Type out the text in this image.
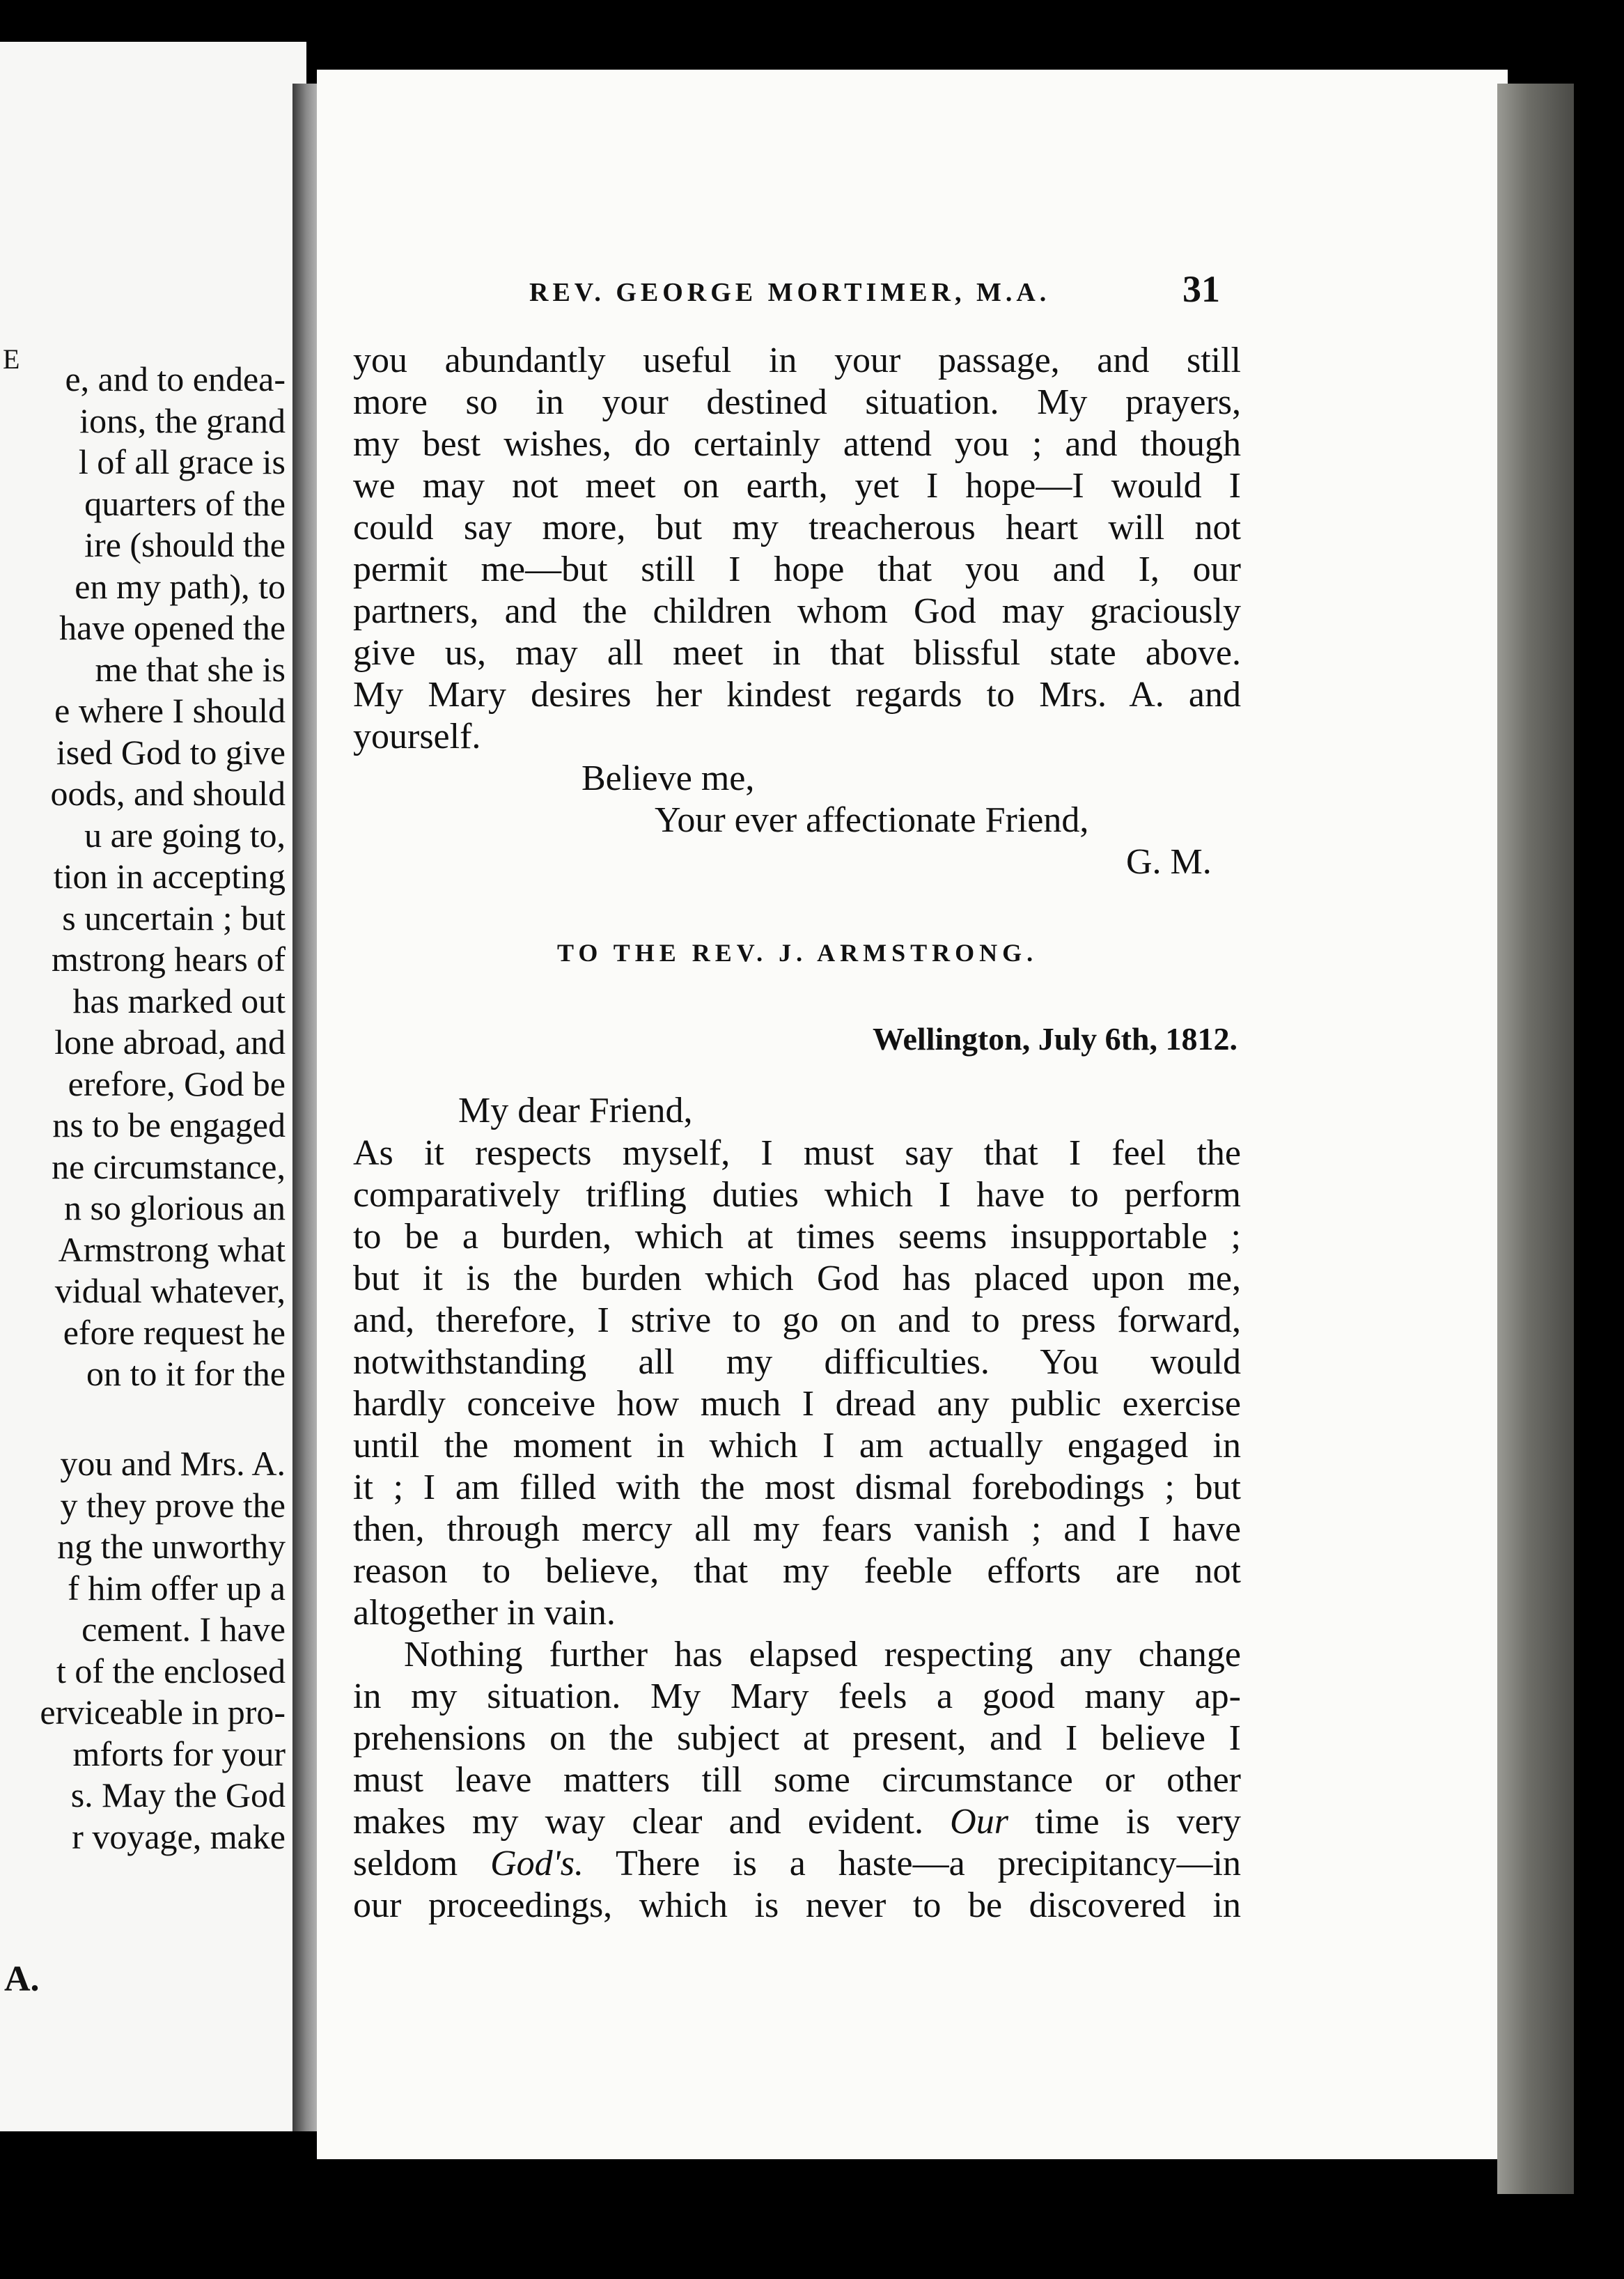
E
e, and to endea-
ions, the grand
l of all grace is
quarters of the
ire (should the
en my path), to
have opened the
me that she is
e where I should
ised God to give
oods, and should
u are going to,
tion in accepting
s uncertain ; but
mstrong hears of
has marked out
lone abroad, and
erefore, God be
ns to be engaged
ne circumstance,
n so glorious an
Armstrong what
vidual whatever,
efore request he
on to it for the
you and Mrs. A.
y they prove the
ng the unworthy
f him offer up a
cement. I have
t of the enclosed
erviceable in pro-
mforts for your
s. May the God
r voyage, make
A.
REV. GEORGE MORTIMER, M.A.	31
you abundantly useful in your passage, and still
more so in your destined situation. My prayers,
my best wishes, do certainly attend you ; and though
we may not meet on earth, yet I hope—I would I
could say more, but my treacherous heart will not
permit me—but still I hope that you and I, our
partners, and the children whom God may graciously
give us, may all meet in that blissful state above.
My Mary desires her kindest regards to Mrs. A. and
yourself.
Believe me,
Your ever affectionate Friend,
G. M.
TO THE REV. J. ARMSTRONG.
Wellington, July 6th, 1812.
My dear Friend,
As it respects myself, I must say that I feel the
comparatively trifling duties which I have to perform
to be a burden, which at times seems insupportable ;
but it is the burden which God has placed upon me,
and, therefore, I strive to go on and to press forward,
notwithstanding all my difficulties. You would
hardly conceive how much I dread any public exercise
until the moment in which I am actually engaged in
it ; I am filled with the most dismal forebodings ; but
then, through mercy all my fears vanish ; and I have
reason to believe, that my feeble efforts are not
altogether in vain.
Nothing further has elapsed respecting any change
in my situation. My Mary feels a good many ap-
prehensions on the subject at present, and I believe I
must leave matters till some circumstance or other
makes my way clear and evident. Our time is very
seldom God's. There is a haste—a precipitancy—in
our proceedings, which is never to be discovered in
